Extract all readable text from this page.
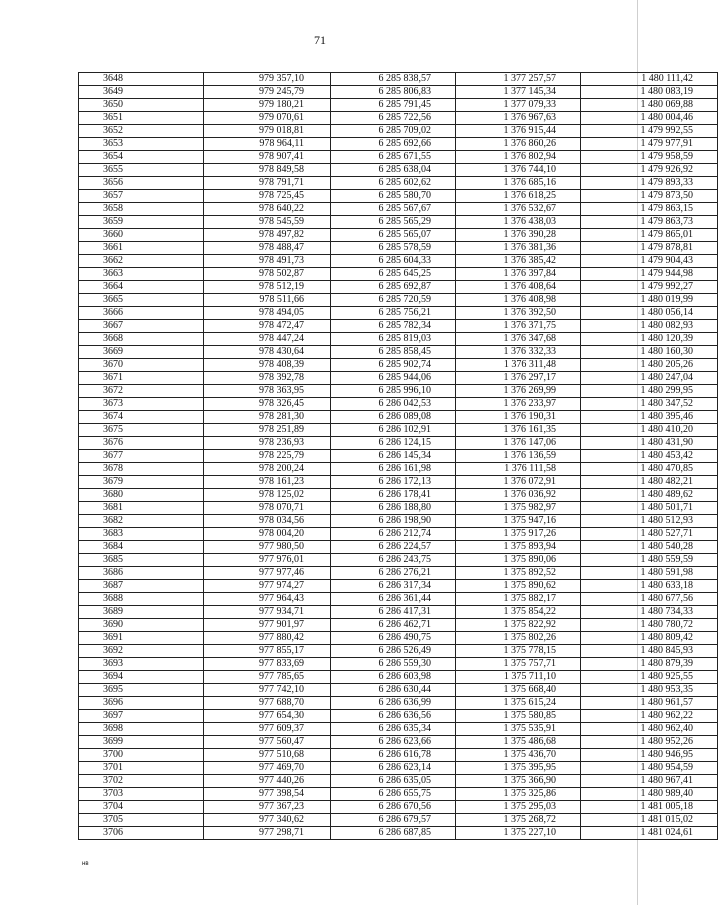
71
3648	979 357,10	6 285 838,57	1 377 257,57	1 480 111,42
3649	979 245,79	6 285 806,83	1 377 145,34	1 480 083,19
3650	979 180,21	6 285 791,45	1 377 079,33	1 480 069,88
3651	979 070,61	6 285 722,56	1 376 967,63	1 480 004,46
3652	979 018,81	6 285 709,02	1 376 915,44	1 479 992,55
3653	978 964,11	6 285 692,66	1 376 860,26	1 479 977,91
3654	978 907,41	6 285 671,55	1 376 802,94	1 479 958,59
3655	978 849,58	6 285 638,04	1 376 744,10	1 479 926,92
3656	978 791,71	6 285 602,62	1 376 685,16	1 479 893,33
3657	978 725,45	6 285 580,70	1 376 618,25	1 479 873,50
3658	978 640,22	6 285 567,67	1 376 532,67	1 479 863,15
3659	978 545,59	6 285 565,29	1 376 438,03	1 479 863,73
3660	978 497,82	6 285 565,07	1 376 390,28	1 479 865,01
3661	978 488,47	6 285 578,59	1 376 381,36	1 479 878,81
3662	978 491,73	6 285 604,33	1 376 385,42	1 479 904,43
3663	978 502,87	6 285 645,25	1 376 397,84	1 479 944,98
3664	978 512,19	6 285 692,87	1 376 408,64	1 479 992,27
3665	978 511,66	6 285 720,59	1 376 408,98	1 480 019,99
3666	978 494,05	6 285 756,21	1 376 392,50	1 480 056,14
3667	978 472,47	6 285 782,34	1 376 371,75	1 480 082,93
3668	978 447,24	6 285 819,03	1 376 347,68	1 480 120,39
3669	978 430,64	6 285 858,45	1 376 332,33	1 480 160,30
3670	978 408,39	6 285 902,74	1 376 311,48	1 480 205,26
3671	978 392,78	6 285 944,06	1 376 297,17	1 480 247,04
3672	978 363,95	6 285 996,10	1 376 269,99	1 480 299,95
3673	978 326,45	6 286 042,53	1 376 233,97	1 480 347,52
3674	978 281,30	6 286 089,08	1 376 190,31	1 480 395,46
3675	978 251,89	6 286 102,91	1 376 161,35	1 480 410,20
3676	978 236,93	6 286 124,15	1 376 147,06	1 480 431,90
3677	978 225,79	6 286 145,34	1 376 136,59	1 480 453,42
3678	978 200,24	6 286 161,98	1 376 111,58	1 480 470,85
3679	978 161,23	6 286 172,13	1 376 072,91	1 480 482,21
3680	978 125,02	6 286 178,41	1 376 036,92	1 480 489,62
3681	978 070,71	6 286 188,80	1 375 982,97	1 480 501,71
3682	978 034,56	6 286 198,90	1 375 947,16	1 480 512,93
3683	978 004,20	6 286 212,74	1 375 917,26	1 480 527,71
3684	977 980,50	6 286 224,57	1 375 893,94	1 480 540,28
3685	977 976,01	6 286 243,75	1 375 890,06	1 480 559,59
3686	977 977,46	6 286 276,21	1 375 892,52	1 480 591,98
3687	977 974,27	6 286 317,34	1 375 890,62	1 480 633,18
3688	977 964,43	6 286 361,44	1 375 882,17	1 480 677,56
3689	977 934,71	6 286 417,31	1 375 854,22	1 480 734,33
3690	977 901,97	6 286 462,71	1 375 822,92	1 480 780,72
3691	977 880,42	6 286 490,75	1 375 802,26	1 480 809,42
3692	977 855,17	6 286 526,49	1 375 778,15	1 480 845,93
3693	977 833,69	6 286 559,30	1 375 757,71	1 480 879,39
3694	977 785,65	6 286 603,98	1 375 711,10	1 480 925,55
3695	977 742,10	6 286 630,44	1 375 668,40	1 480 953,35
3696	977 688,70	6 286 636,99	1 375 615,24	1 480 961,57
3697	977 654,30	6 286 636,56	1 375 580,85	1 480 962,22
3698	977 609,37	6 286 635,34	1 375 535,91	1 480 962,40
3699	977 560,47	6 286 623,66	1 375 486,68	1 480 952,26
3700	977 510,68	6 286 616,78	1 375 436,70	1 480 946,95
3701	977 469,70	6 286 623,14	1 375 395,95	1 480 954,59
3702	977 440,26	6 286 635,05	1 375 366,90	1 480 967,41
3703	977 398,54	6 286 655,75	1 375 325,86	1 480 989,40
3704	977 367,23	6 286 670,56	1 375 295,03	1 481 005,18
3705	977 340,62	6 286 679,57	1 375 268,72	1 481 015,02
3706	977 298,71	6 286 687,85	1 375 227,10	1 481 024,61
нв
